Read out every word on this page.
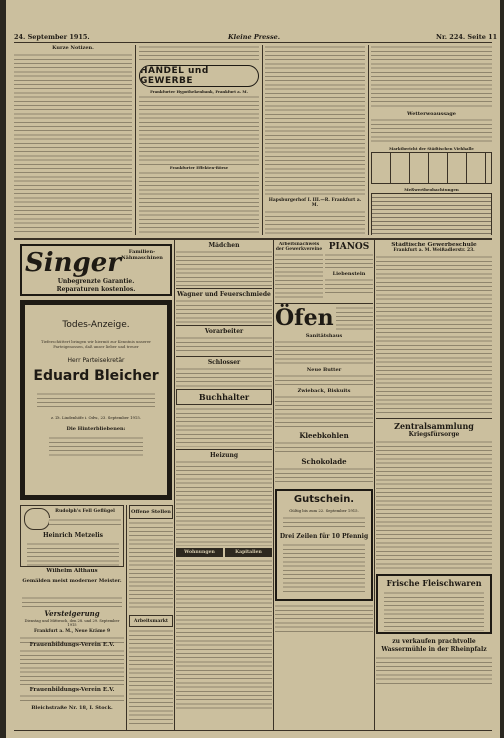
24. September 1915.	Kleine Presse.	Nr. 224. Seite 11
Kurze Notizen.
HANDEL und GEWERBE
Frankfurter Hypothekenbank, Frankfurt a. M.
Frankfurter Effekten-Börse
Hapsburgerhof I. III.—R. Frankfurt a. M.
Wetterwoaussage
Marktbericht der Städtischen Viehhalle
Meßwertbeobachtungen
Singer	Familien-Nähmaschinen
Unbegrenzte Garantie.
Reparaturen kostenlos.
Todes-Anzeige.
Tieferschüttert bringen wir hiermit zur Kenntnis unserer Parteigenossen, daß unser lieber und treuer
Herr Parteisekretär
Eduard Bleicher
z. Zt. Lindenhöfe i. Odw., 23. September 1915.
Die Hinterbliebenen:
Rudolph's Fell Geflügel
Heinrich Metzelis
Wilhelm Althaus
Gemälden meist moderner Meister.
Versteigerung
Dienstag und Mittwoch, den 28. und 29. September 1915
Frankfurt a. M., Neue Kräme 9
Frauenbildungs-Verein E.V.
Frauenbildungs-Verein E.V.
Bleichstraße Nr. 18, I. Stock.
Offene Stellen
Arbeitsmarkt
Mädchen
Wagner und Feuerschmiede
Vorarbeiter
Schlosser
Buchhalter
Heizung
Wohnungen	Kapitalien
Arbeitsnachweis der Gewerkvereine PIANOS
Liebenstein
Öfen
Sanitätshaus
Neue Butter
Zwieback, Biskuits
Kleebkohlen
Schokolade
Gutschein.
Gültig bis zum 22. September 1915.
Drei Zeilen für 10 Pfennig
Städtische Gewerbeschule
Frankfurt a. M. Weißadlerstr. 23.
Zentralsammlung
Kriegsfürsorge
Frische Fleischwaren
zu verkaufen prachtvolle Wassermühle in der Rheinpfalz
